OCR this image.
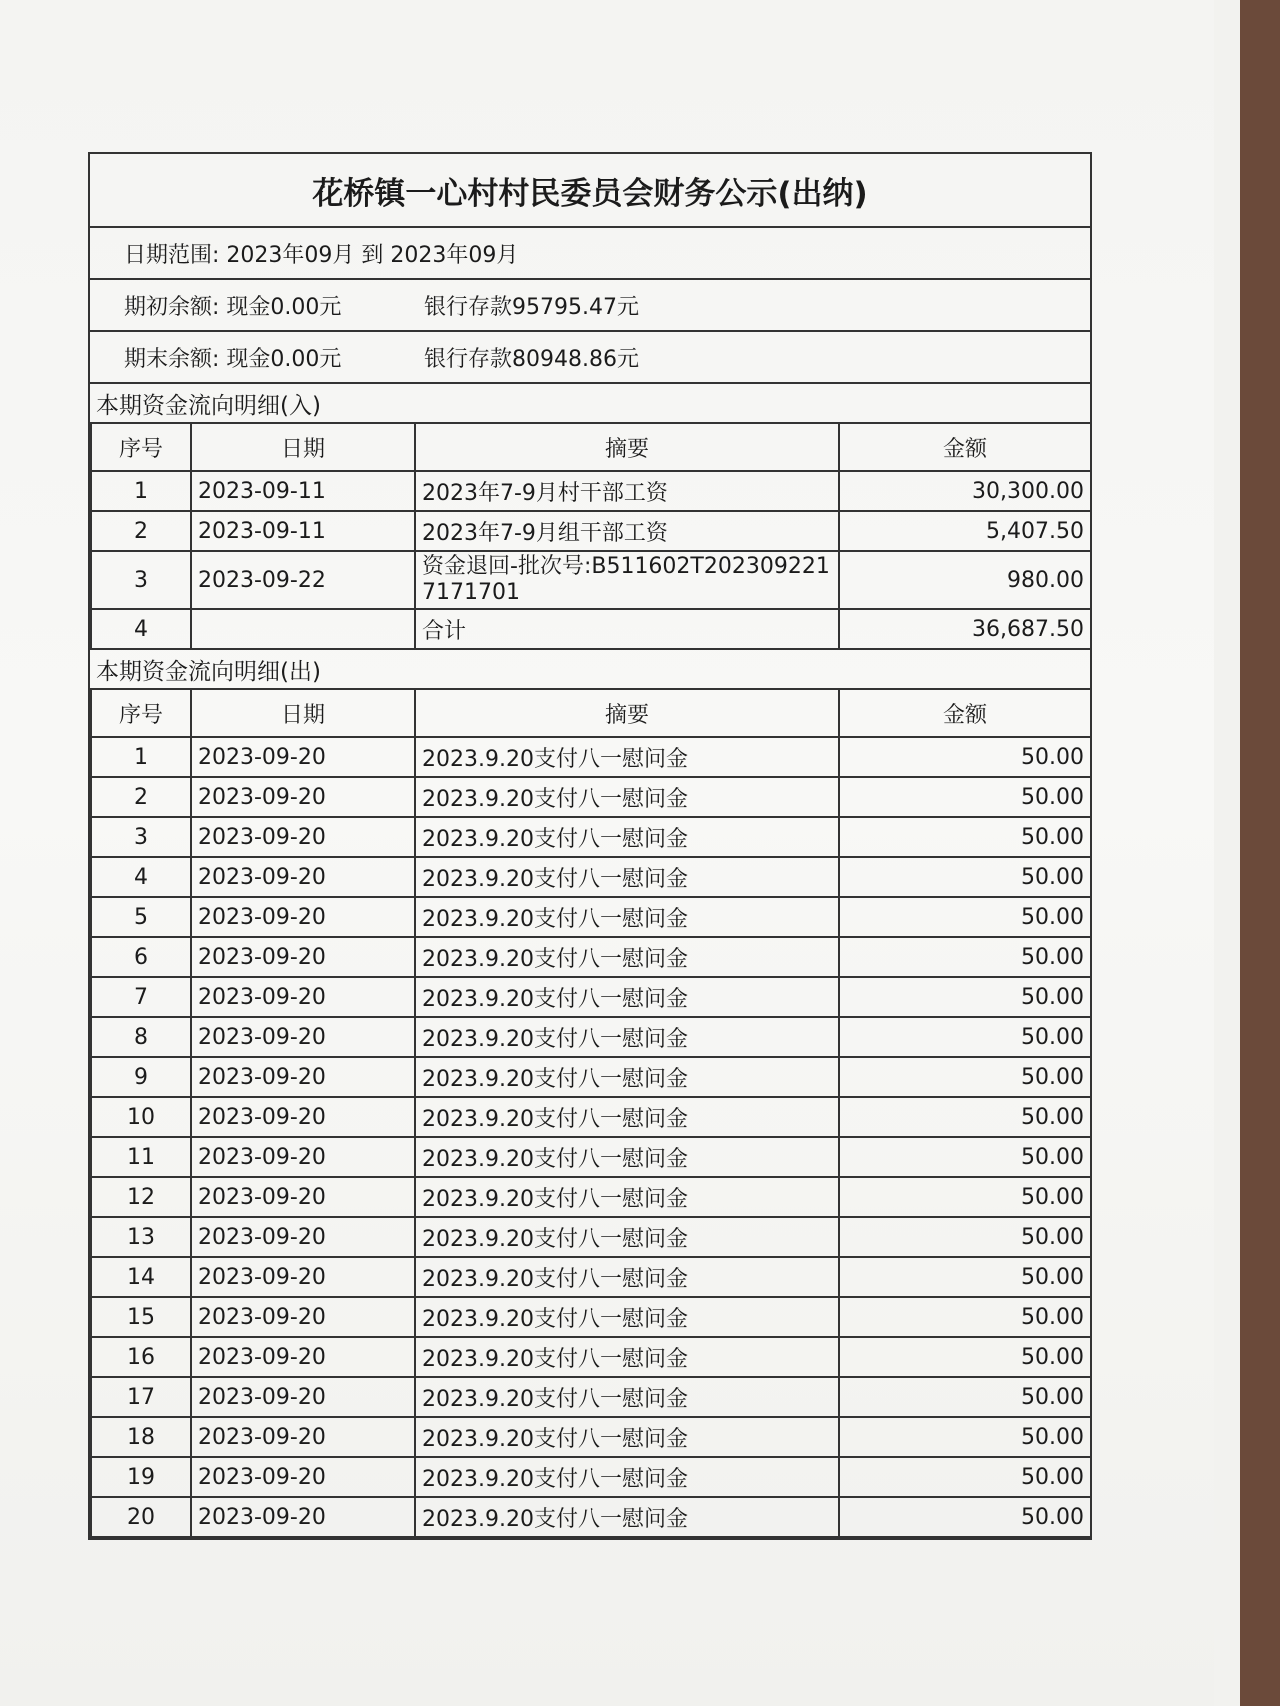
花桥镇一心村村民委员会财务公示(出纳)
日期范围: 2023年09月 到 2023年09月
期初余额: 现金0.00元	银行存款95795.47元
期末余额: 现金0.00元	银行存款80948.86元
本期资金流向明细(入)
序号	日期	摘要	金额
1	2023-09-11	2023年7-9月村干部工资	30,300.00
2	2023-09-11	2023年7-9月组干部工资	5,407.50
3	2023-09-22	资金退回-批次号:B511602T2023092217171701	980.00
4		合计	36,687.50
本期资金流向明细(出)
序号	日期	摘要	金额
1	2023-09-20	2023.9.20支付八一慰问金	50.00
2	2023-09-20	2023.9.20支付八一慰问金	50.00
3	2023-09-20	2023.9.20支付八一慰问金	50.00
4	2023-09-20	2023.9.20支付八一慰问金	50.00
5	2023-09-20	2023.9.20支付八一慰问金	50.00
6	2023-09-20	2023.9.20支付八一慰问金	50.00
7	2023-09-20	2023.9.20支付八一慰问金	50.00
8	2023-09-20	2023.9.20支付八一慰问金	50.00
9	2023-09-20	2023.9.20支付八一慰问金	50.00
10	2023-09-20	2023.9.20支付八一慰问金	50.00
11	2023-09-20	2023.9.20支付八一慰问金	50.00
12	2023-09-20	2023.9.20支付八一慰问金	50.00
13	2023-09-20	2023.9.20支付八一慰问金	50.00
14	2023-09-20	2023.9.20支付八一慰问金	50.00
15	2023-09-20	2023.9.20支付八一慰问金	50.00
16	2023-09-20	2023.9.20支付八一慰问金	50.00
17	2023-09-20	2023.9.20支付八一慰问金	50.00
18	2023-09-20	2023.9.20支付八一慰问金	50.00
19	2023-09-20	2023.9.20支付八一慰问金	50.00
20	2023-09-20	2023.9.20支付八一慰问金	50.00
